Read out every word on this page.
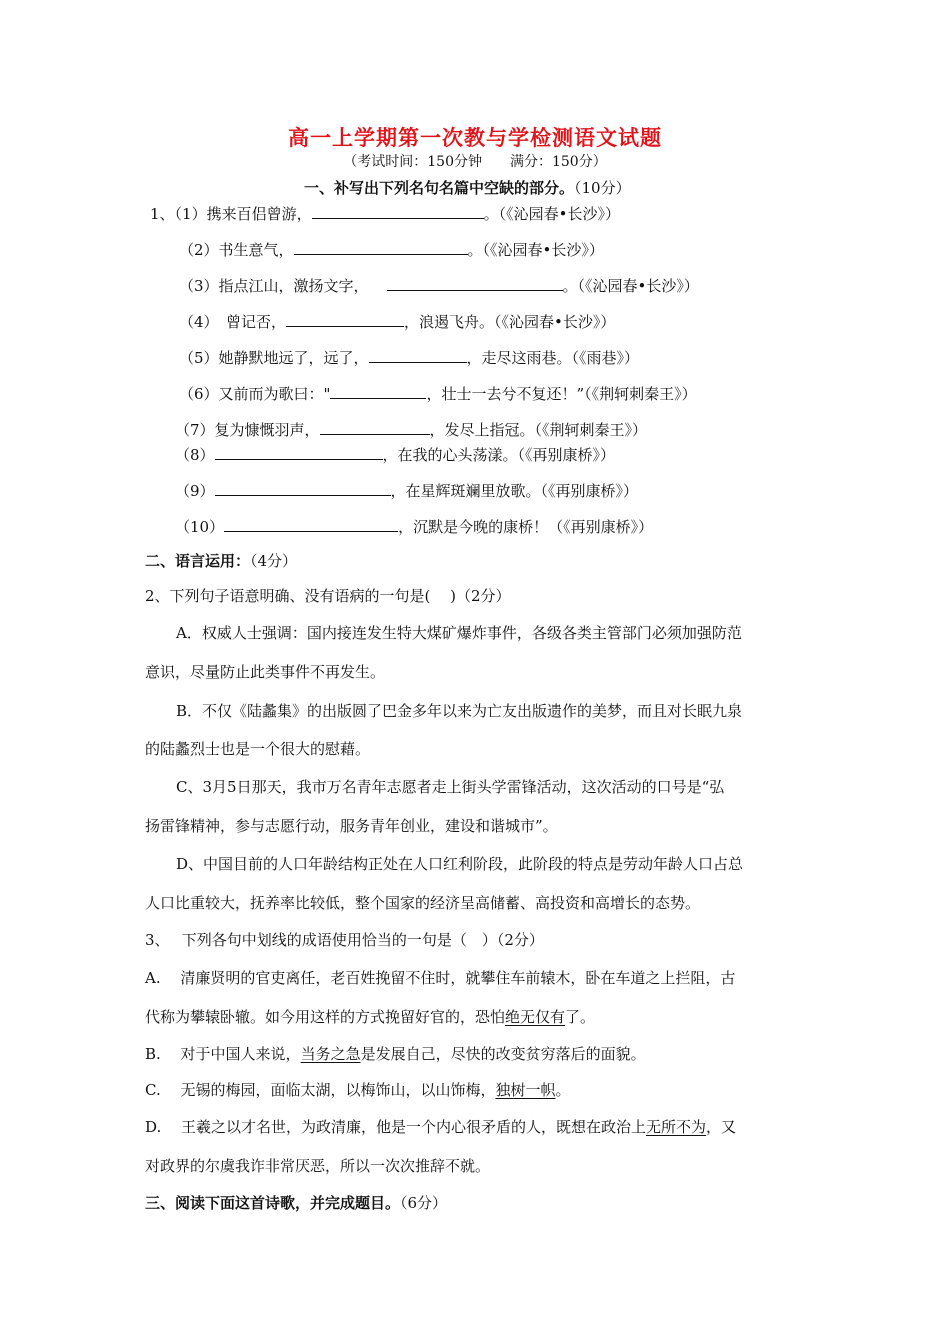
高一上学期第一次教与学检测语文试题
（考试时间：150分钟　　满分：150分）
一、补写出下列名句名篇中空缺的部分。（10分）
1、（1）携来百侣曾游，	。（《沁园春•长沙》）
（2）书生意气，	。（《沁园春•长沙》）
（3）指点江山，激扬文字，	。（《沁园春•长沙》）
（4）　曾记否，	，浪遏飞舟。（《沁园春•长沙》）
（5）她静默地远了，远了，	，走尽这雨巷。（《雨巷》）
（6）又前而为歌曰："	，壮士一去兮不复还！”（《荆轲刺秦王》）
（7）复为慷慨羽声，	，发尽上指冠。（《荆轲刺秦王》）
（8）	，在我的心头荡漾。（《再别康桥》）
（9）	，在星辉斑斓里放歌。（《再别康桥》）
（10）	，沉默是今晚的康桥！（《再别康桥》）
二、语言运用：（4分）
2、下列句子语意明确、没有语病的一句是(　 )（2分）
A．权威人士强调：国内接连发生特大煤矿爆炸事件，各级各类主管部门必须加强防范
意识，尽量防止此类事件不再发生。
B．不仅《陆蠡集》的出版圆了巴金多年以来为亡友出版遗作的美梦，而且对长眠九泉
的陆蠡烈士也是一个很大的慰藉。
C、3月5日那天，我市万名青年志愿者走上街头学雷锋活动，这次活动的口号是“弘
扬雷锋精神，参与志愿行动，服务青年创业，建设和谐城市”。
D、中国目前的人口年龄结构正处在人口红利阶段，此阶段的特点是劳动年龄人口占总
人口比重较大，抚养率比较低，整个国家的经济呈高储蓄、高投资和高增长的态势。
3、　 下列各句中划线的成语使用恰当的一句是（　）（2分）
A.　 清廉贤明的官吏离任，老百姓挽留不住时，就攀住车前辕木，卧在车道之上拦阻，古
代称为攀辕卧辙。如今用这样的方式挽留好官的，恐怕绝无仅有了。
B.　 对于中国人来说，当务之急是发展自己，尽快的改变贫穷落后的面貌。
C.　 无锡的梅园，面临太湖，以梅饰山，以山饰梅，独树一帜。
D.　 王羲之以才名世，为政清廉，他是一个内心很矛盾的人，既想在政治上无所不为，又
对政界的尔虞我诈非常厌恶，所以一次次推辞不就。
三、阅读下面这首诗歌，并完成题目。（6分）
